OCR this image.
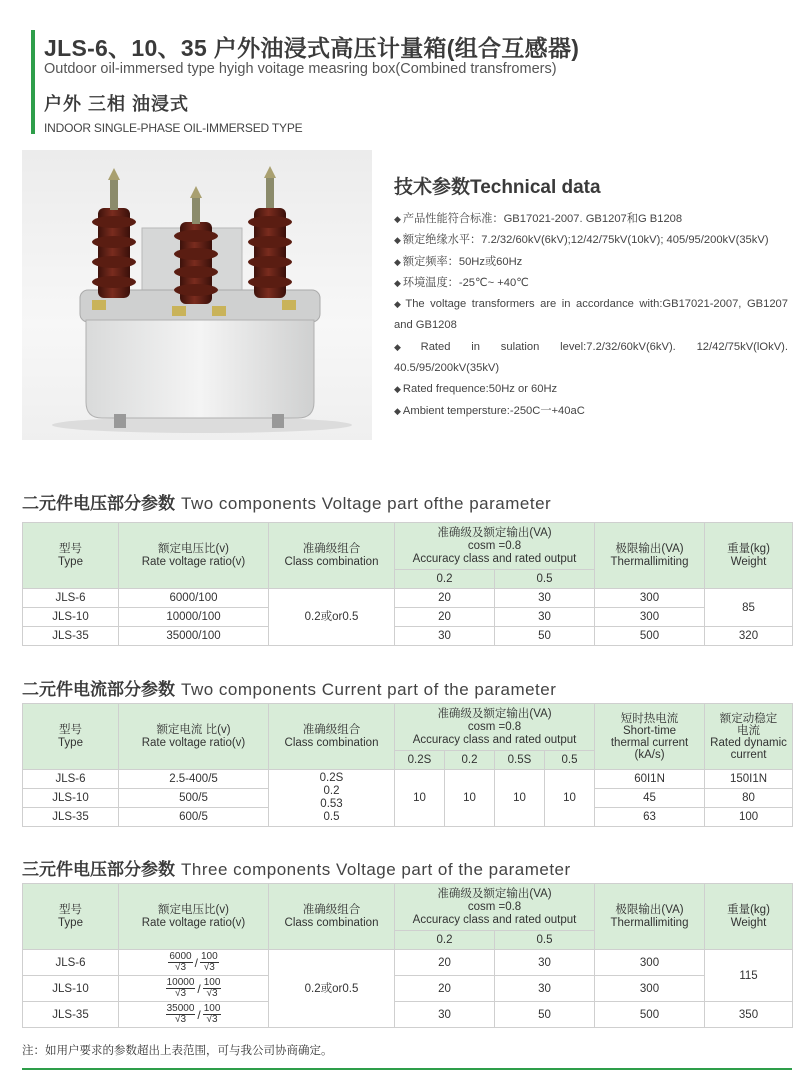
JLS-6、10、35 户外油浸式高压计量箱(组合互感器)
Outdoor oil-immersed type hyigh voitage measring box(Combined transfromers)
户外 三相 油浸式
INDOOR SINGLE-PHASE OIL-IMMERSED TYPE
技术参数Technical data
◆ 产品性能符合标准：GB17021-2007. GB1207和G B1208
◆ 额定绝缘水平：7.2/32/60kV(6kV);12/42/75kV(10kV); 405/95/200kV(35kV)
◆ 额定频率：50Hz或60Hz
◆ 环境温度：-25℃~ +40℃
◆ The voltage transformers are in accordance with:GB17021-2007, GB1207 and GB1208
◆ Rated in sulation level:7.2/32/60kV(6kV). 12/42/75kV(lOkV). 40.5/95/200kV(35kV)
◆ Rated frequence:50Hz or 60Hz
◆ Ambient tempersture:-250C一+40aC
二元件电压部分参数 Two components Voltage part ofthe parameter
型号
Type	额定电压比(v)
Rate voltage ratio(v)	准确级组合
Class combination	准确级及额定输出(VA)
cosm =0.8
Accuracy class and rated output		极限输出(VA)
Thermallimiting	重量(kg)
Weight
			0.2	0.5		
JLS-6	6000/100	0.2或or0.5	20	30	300	85
JLS-10	10000/100		20	30	300	
JLS-35	35000/100		30	50	500	320
二元件电流部分参数 Two components Current part of the parameter
型号
Type	额定电流 比(v)
Rate voltage ratio(v)	准确级组合
Class combination	准确级及额定输出(VA)
cosm =0.8
Accuracy class and rated output				短时热电流
Short-time
thermal current
(kA/s)	额定动稳定
电流
Rated dynamic
current
			0.2S	0.2	0.5S	0.5		
JLS-6	2.5-400/5	0.2S
0.2
0.53
0.5	10	10	10	10	60I1N	150I1N
JLS-10	500/5						45	80
JLS-35	600/5						63	100
三元件电压部分参数 Three components Voltage part of the parameter
型号
Type	额定电压比(v)
Rate voltage ratio(v)	准确级组合
Class combination	准确级及额定输出(VA)
cosm =0.8
Accuracy class and rated output		极限输出(VA)
Thermallimiting	重量(kg)
Weight
			0.2	0.5		
JLS-6	$\frac{6000}{√3} / \frac{100}{√3}$	0.2或or0.5	20	30	300	115
JLS-10	$\frac{10000}{√3} / \frac{100}{√3}$		20	30	300	
JLS-35	$\frac{35000}{√3} / \frac{100}{√3}$		30	50	500	350
注：如用户要求的参数超出上表范围，可与我公司协商确定。
